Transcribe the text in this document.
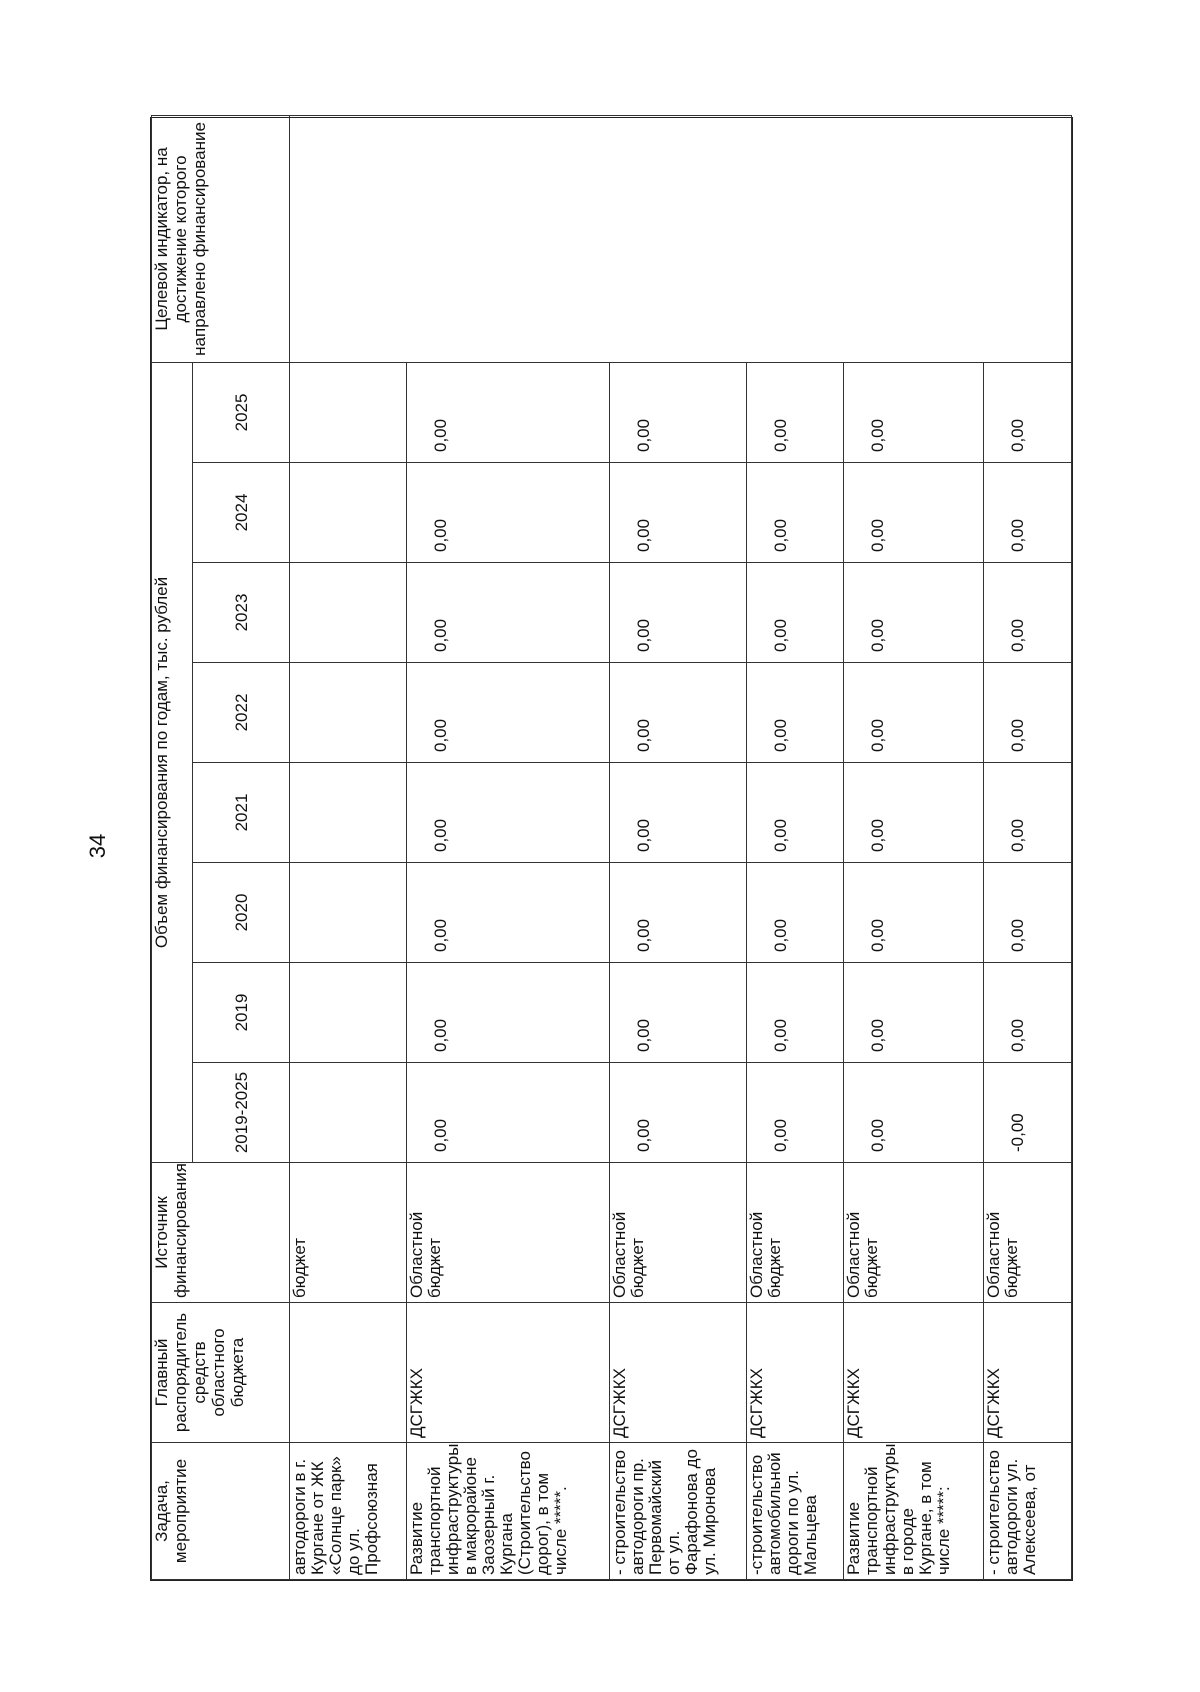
34
Задача, мероприятие	Главный распорядитель средств областного бюджета	Источник финансирования	Объем финансирования по годам, тыс. рублей								Целевой индикатор, на достижение которого направлено финансирование
			2019-2025	2019	2020	2021	2022	2023	2024	2025	
автодороги в г. Кургане от ЖК «Солнце парк» до ул. Профсоюзная		бюджет									
Развитие транспортной инфраструктуры в макрорайоне Заозерный г. Кургана (Строительство дорог), в том числе *****.	ДСГЖКХ	Областной бюджет	0,00	0,00	0,00	0,00	0,00	0,00	0,00	0,00	
- строительство автодороги пр. Первомайский от ул. Фарафонова до ул. Миронова	ДСГЖКХ	Областной бюджет	0,00	0,00	0,00	0,00	0,00	0,00	0,00	0,00	
-строительство автомобильной дороги по ул. Мальцева	ДСГЖКХ	Областной бюджет	0,00	0,00	0,00	0,00	0,00	0,00	0,00	0,00	
Развитие транспортной инфраструктуры в городе Кургане, в том числе *****:	ДСГЖКХ	Областной бюджет	0,00	0,00	0,00	0,00	0,00	0,00	0,00	0,00	
- строительство автодороги ул. Алексеева, от	ДСГЖКХ	Областной бюджет	-0,00	0,00	0,00	0,00	0,00	0,00	0,00	0,00	
